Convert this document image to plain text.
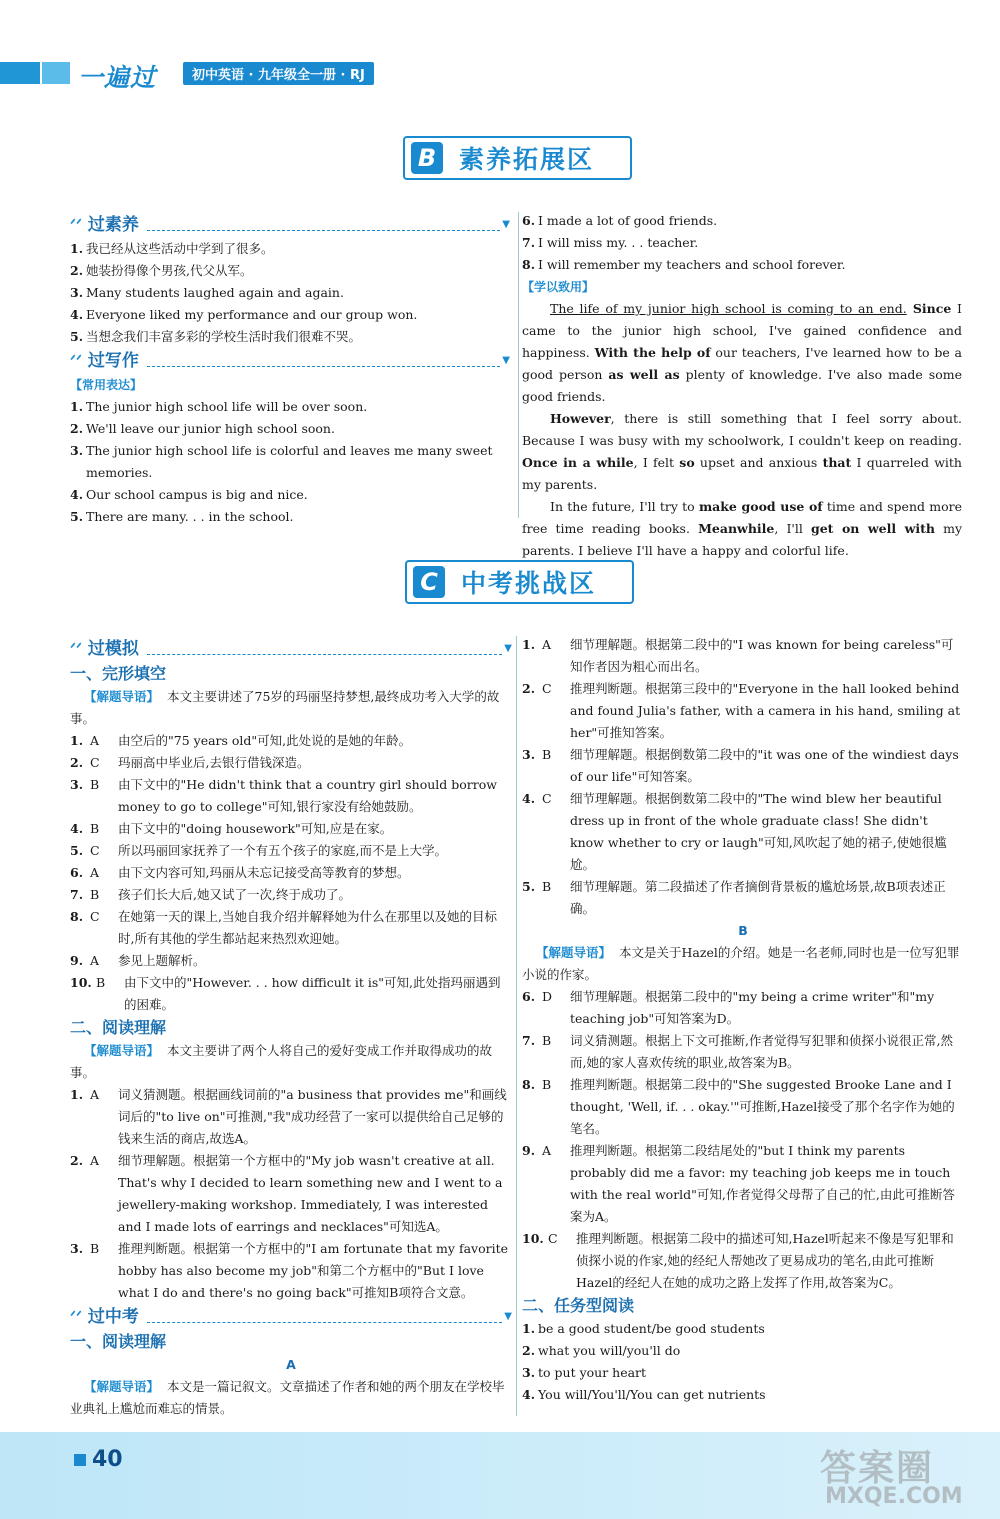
一遍过	初中英语 · 九年级全一册 · RJ
B 素养拓展区
ᐟᐟ 过素养	▼
1. 我已经从这些活动中学到了很多。
2. 她装扮得像个男孩,代父从军。
3. Many students laughed again and again.
4. Everyone liked my performance and our group won.
5. 当想念我们丰富多彩的学校生活时我们很难不哭。
ᐟᐟ 过写作	▼
【常用表达】
1. The junior high school life will be over soon.
2. We'll leave our junior high school soon.
3. The junior high school life is colorful and leaves me many sweet memories.
4. Our school campus is big and nice.
5. There are many. . . in the school.
6. I made a lot of good friends.
7. I will miss my. . . teacher.
8. I will remember my teachers and school forever.
【学以致用】
The life of my junior high school is coming to an end. Since I came to the junior high school, I've gained confidence and happiness. With the help of our teachers, I've learned how to be a good person as well as plenty of knowledge. I've also made some good friends.
However, there is still something that I feel sorry about. Because I was busy with my schoolwork, I couldn't keep on reading. Once in a while, I felt so upset and anxious that I quarreled with my parents.
In the future, I'll try to make good use of time and spend more free time reading books. Meanwhile, I'll get on well with my parents. I believe I'll have a happy and colorful life.
C 中考挑战区
ᐟᐟ 过模拟	▼
一、完形填空
【解题导语】 本文主要讲述了75岁的玛丽坚持梦想,最终成功考入大学的故事。
1. A	由空后的"75 years old"可知,此处说的是她的年龄。
2. C	玛丽高中毕业后,去银行借钱深造。
3. B	由下文中的"He didn't think that a country girl should borrow money to go to college"可知,银行家没有给她鼓励。
4. B	由下文中的"doing housework"可知,应是在家。
5. C	所以玛丽回家抚养了一个有五个孩子的家庭,而不是上大学。
6. A	由下文内容可知,玛丽从未忘记接受高等教育的梦想。
7. B	孩子们长大后,她又试了一次,终于成功了。
8. C	在她第一天的课上,当她自我介绍并解释她为什么在那里以及她的目标时,所有其他的学生都站起来热烈欢迎她。
9. A	参见上题解析。
10. B	由下文中的"However. . . how difficult it is"可知,此处指玛丽遇到的困难。
二、阅读理解
【解题导语】 本文主要讲了两个人将自己的爱好变成工作并取得成功的故事。
1. A	词义猜测题。根据画线词前的"a business that provides me"和画线词后的"to live on"可推测,"我"成功经营了一家可以提供给自己足够的钱来生活的商店,故选A。
2. A	细节理解题。根据第一个方框中的"My job wasn't creative at all. That's why I decided to learn something new and I went to a jewellery-making workshop. Immediately, I was interested and I made lots of earrings and necklaces"可知选A。
3. B	推理判断题。根据第一个方框中的"I am fortunate that my favorite hobby has also become my job"和第二个方框中的"But I love what I do and there's no going back"可推知B项符合文意。
ᐟᐟ 过中考	▼
一、阅读理解
A
【解题导语】 本文是一篇记叙文。文章描述了作者和她的两个朋友在学校毕业典礼上尴尬而难忘的情景。
1. A	细节理解题。根据第二段中的"I was known for being careless"可知作者因为粗心而出名。
2. C	推理判断题。根据第三段中的"Everyone in the hall looked behind and found Julia's father, with a camera in his hand, smiling at her"可推知答案。
3. B	细节理解题。根据倒数第二段中的"it was one of the windiest days of our life"可知答案。
4. C	细节理解题。根据倒数第二段中的"The wind blew her beautiful dress up in front of the whole graduate class! She didn't know whether to cry or laugh"可知,风吹起了她的裙子,使她很尴尬。
5. B	细节理解题。第二段描述了作者摘倒背景板的尴尬场景,故B项表述正确。
B
【解题导语】 本文是关于Hazel的介绍。她是一名老师,同时也是一位写犯罪小说的作家。
6. D	细节理解题。根据第二段中的"my being a crime writer"和"my teaching job"可知答案为D。
7. B	词义猜测题。根据上下文可推断,作者觉得写犯罪和侦探小说很正常,然而,她的家人喜欢传统的职业,故答案为B。
8. B	推理判断题。根据第二段中的"She suggested Brooke Lane and I thought, 'Well, if. . . okay.'"可推断,Hazel接受了那个名字作为她的笔名。
9. A	推理判断题。根据第二段结尾处的"but I think my parents probably did me a favor: my teaching job keeps me in touch with the real world"可知,作者觉得父母帮了自己的忙,由此可推断答案为A。
10. C	推理判断题。根据第二段中的描述可知,Hazel听起来不像是写犯罪和侦探小说的作家,她的经纪人帮她改了更易成功的笔名,由此可推断Hazel的经纪人在她的成功之路上发挥了作用,故答案为C。
二、任务型阅读
1. be a good student/be good students
2. what you will/you'll do
3. to put your heart
4. You will/You'll/You can get nutrients
40	答案圈
MXQE.COM
